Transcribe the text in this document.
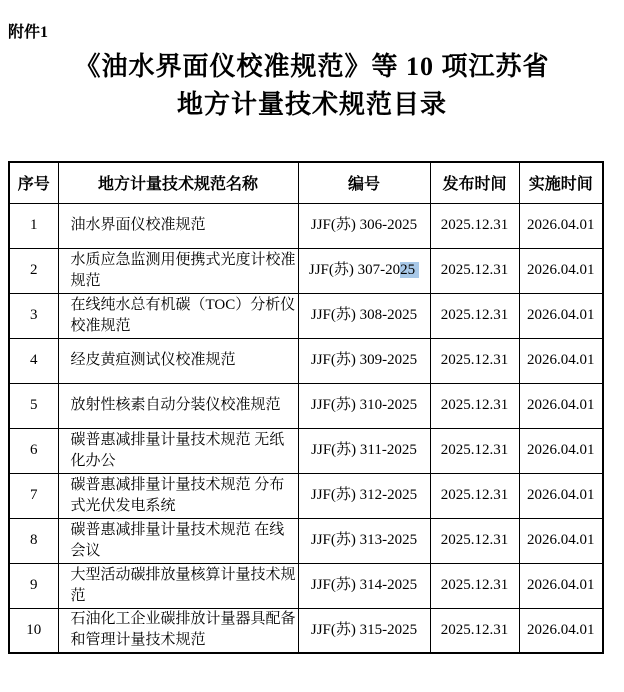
附件1
《油水界面仪校准规范》等 10 项江苏省
地方计量技术规范目录
序号	地方计量技术规范名称	编号	发布时间	实施时间
1	油水界面仪校准规范	JJF(苏) 306-2025	2025.12.31	2026.04.01
2	水质应急监测用便携式光度计校准规范	JJF(苏) 307-2025	2025.12.31	2026.04.01
3	在线纯水总有机碳（TOC）分析仪校准规范	JJF(苏) 308-2025	2025.12.31	2026.04.01
4	经皮黄疸测试仪校准规范	JJF(苏) 309-2025	2025.12.31	2026.04.01
5	放射性核素自动分装仪校准规范	JJF(苏) 310-2025	2025.12.31	2026.04.01
6	碳普惠减排量计量技术规范 无纸化办公	JJF(苏) 311-2025	2025.12.31	2026.04.01
7	碳普惠减排量计量技术规范 分布式光伏发电系统	JJF(苏) 312-2025	2025.12.31	2026.04.01
8	碳普惠减排量计量技术规范 在线会议	JJF(苏) 313-2025	2025.12.31	2026.04.01
9	大型活动碳排放量核算计量技术规范	JJF(苏) 314-2025	2025.12.31	2026.04.01
10	石油化工企业碳排放计量器具配备和管理计量技术规范	JJF(苏) 315-2025	2025.12.31	2026.04.01
